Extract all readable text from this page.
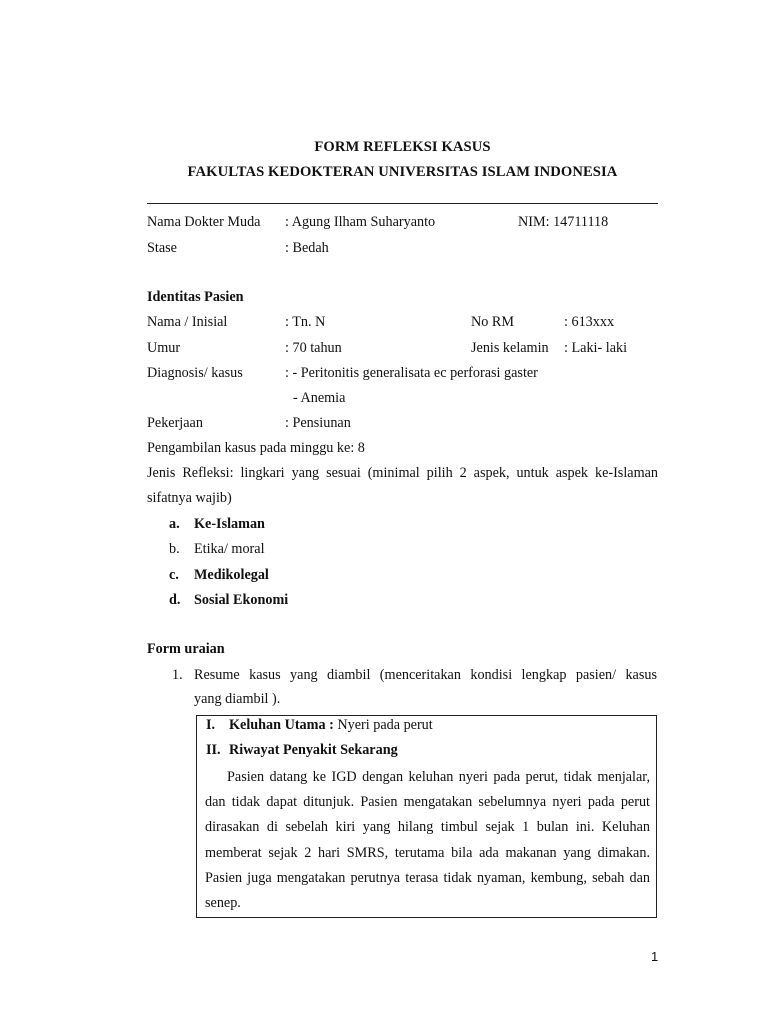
FORM REFLEKSI KASUS
FAKULTAS KEDOKTERAN UNIVERSITAS ISLAM INDONESIA
Nama Dokter Muda : Agung Ilham Suharyanto	NIM: 14711118
Stase	: Bedah
Identitas Pasien
Nama / Inisial	: Tn. N	No RM	: 613xxx
Umur	: 70 tahun	Jenis kelamin : Laki- laki
Diagnosis/ kasus	: - Peritonitis generalisata ec perforasi gaster
- Anemia
Pekerjaan	: Pensiunan
Pengambilan kasus pada minggu ke: 8
Jenis Refleksi: lingkari yang sesuai (minimal pilih 2 aspek, untuk aspek ke-Islaman sifatnya wajib)
a. Ke-Islaman
b. Etika/ moral
c. Medikolegal
d. Sosial Ekonomi
Form uraian
1. Resume kasus yang diambil (menceritakan kondisi lengkap pasien/ kasus
yang diambil ).
I. Keluhan Utama : Nyeri pada perut
II. Riwayat Penyakit Sekarang
Pasien datang ke IGD dengan keluhan nyeri pada perut, tidak menjalar, dan tidak dapat ditunjuk. Pasien mengatakan sebelumnya nyeri pada perut dirasakan di sebelah kiri yang hilang timbul sejak 1 bulan ini. Keluhan memberat sejak 2 hari SMRS, terutama bila ada makanan yang dimakan. Pasien juga mengatakan perutnya terasa tidak nyaman, kembung, sebah dan senep.
1
